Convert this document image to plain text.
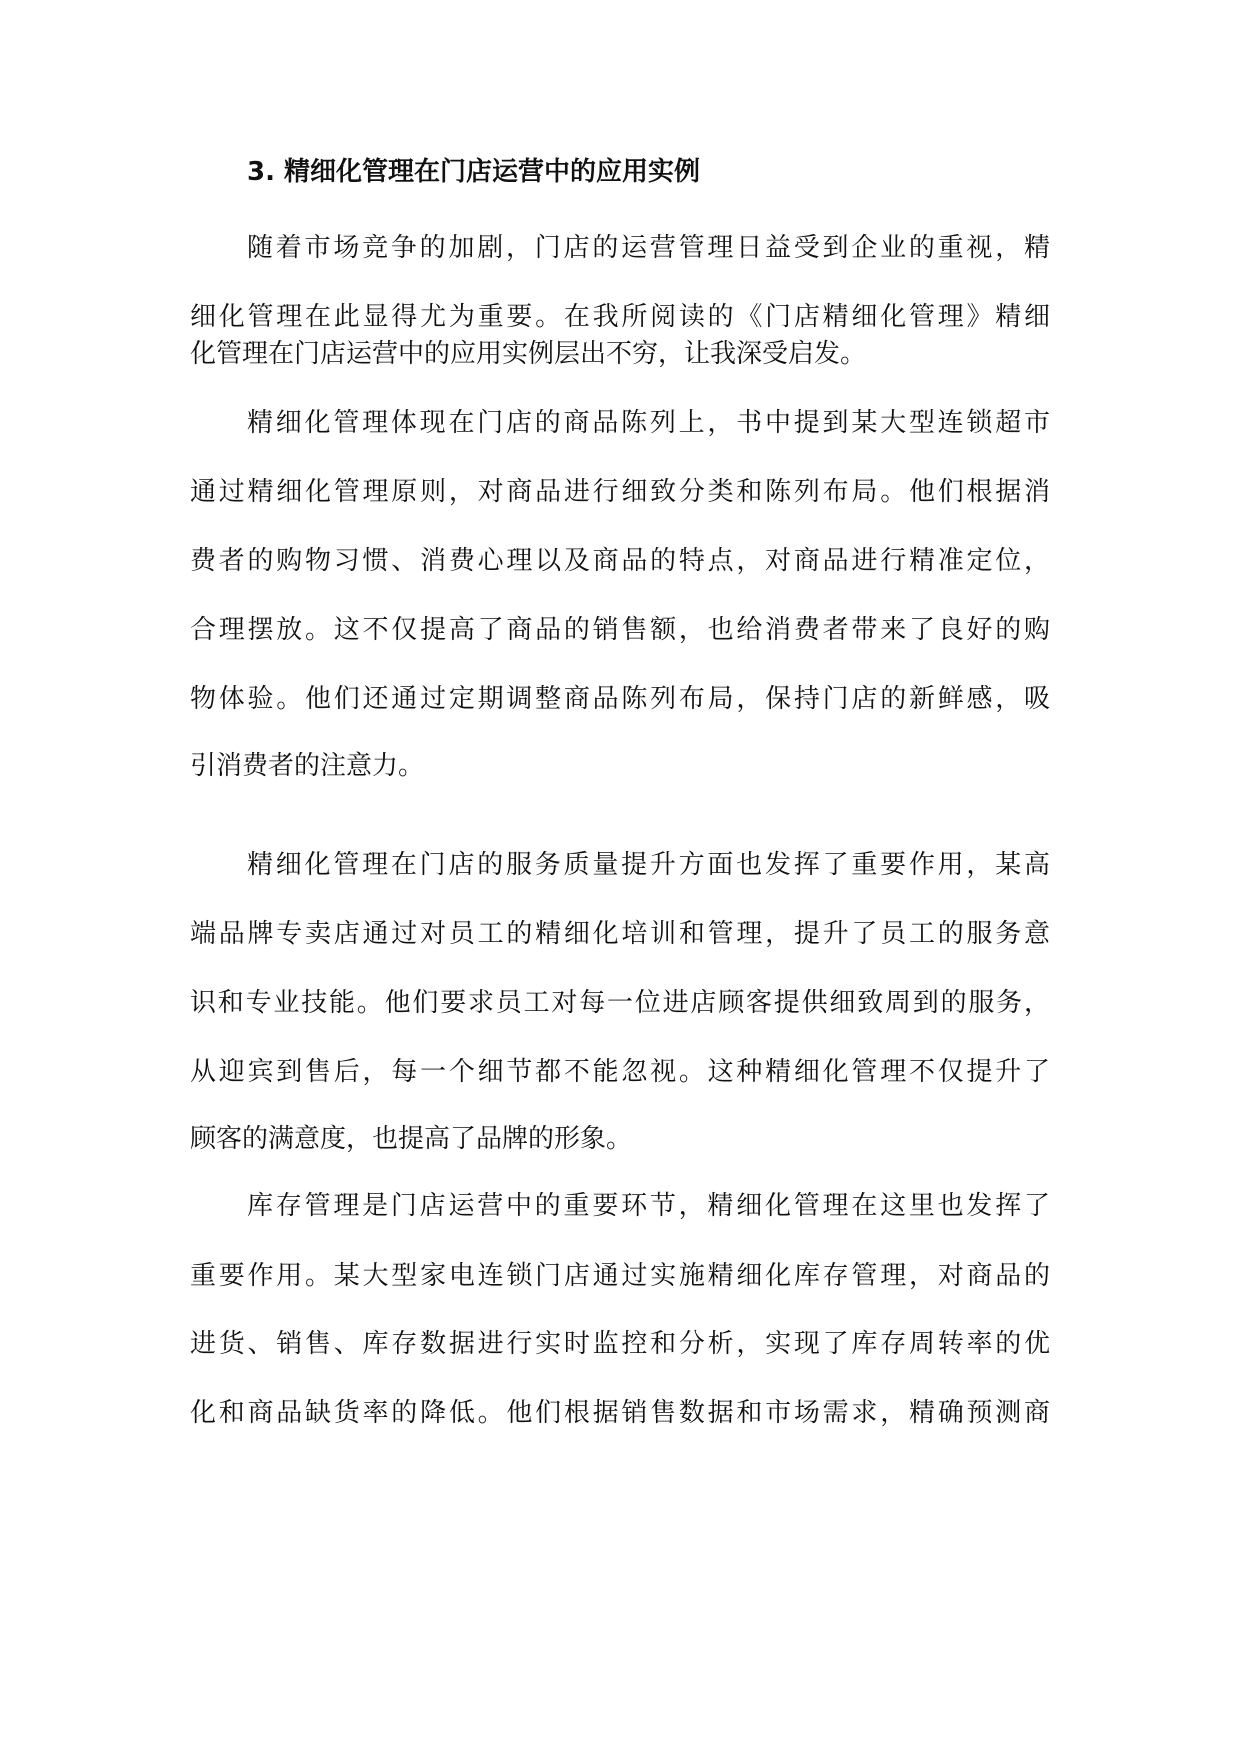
3. 精细化管理在门店运营中的应用实例

随着市场竞争的加剧，门店的运营管理日益受到企业的重视，精

细化管理在此显得尤为重要。在我所阅读的《门店精细化管理》精细

化管理在门店运营中的应用实例层出不穷，让我深受启发。

精细化管理体现在门店的商品陈列上，书中提到某大型连锁超市

通过精细化管理原则，对商品进行细致分类和陈列布局。他们根据消

费者的购物习惯、消费心理以及商品的特点，对商品进行精准定位，

合理摆放。这不仅提高了商品的销售额，也给消费者带来了良好的购

物体验。他们还通过定期调整商品陈列布局，保持门店的新鲜感，吸

引消费者的注意力。

精细化管理在门店的服务质量提升方面也发挥了重要作用，某高

端品牌专卖店通过对员工的精细化培训和管理，提升了员工的服务意

识和专业技能。他们要求员工对每一位进店顾客提供细致周到的服务，

从迎宾到售后，每一个细节都不能忽视。这种精细化管理不仅提升了

顾客的满意度，也提高了品牌的形象。

库存管理是门店运营中的重要环节，精细化管理在这里也发挥了

重要作用。某大型家电连锁门店通过实施精细化库存管理，对商品的

进货、销售、库存数据进行实时监控和分析，实现了库存周转率的优

化和商品缺货率的降低。他们根据销售数据和市场需求，精确预测商
